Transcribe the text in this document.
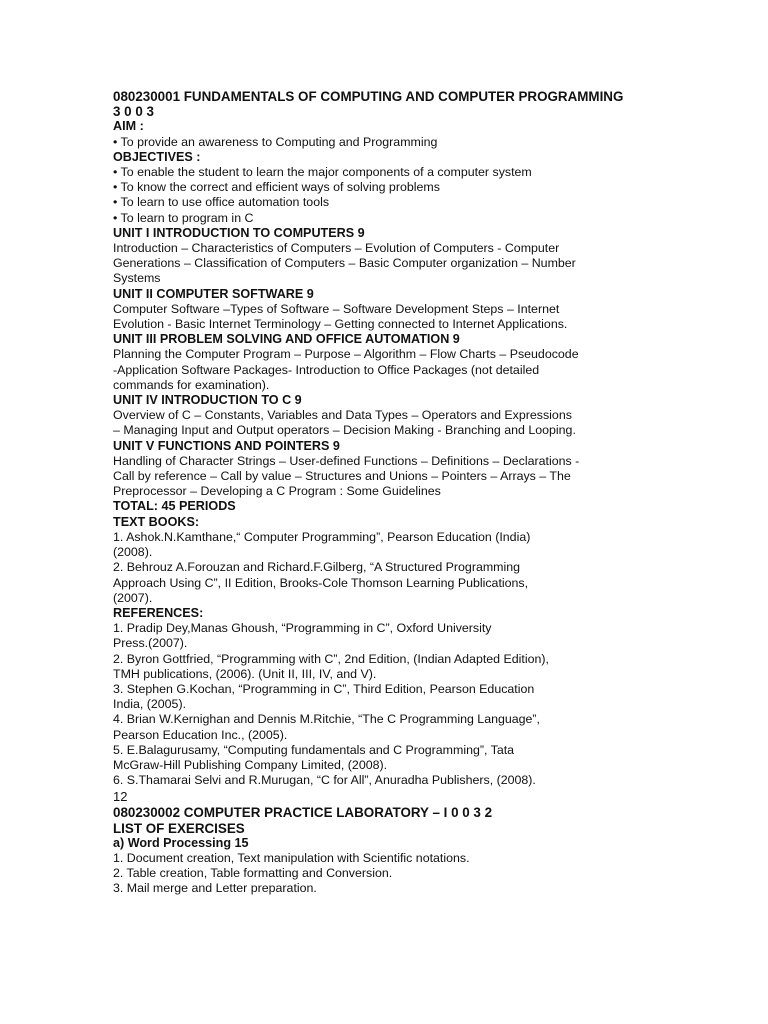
080230001 FUNDAMENTALS OF COMPUTING AND COMPUTER PROGRAMMING
3 0 0 3
AIM :
• To provide an awareness to Computing and Programming
OBJECTIVES :
• To enable the student to learn the major components of a computer system
• To know the correct and efficient ways of solving problems
• To learn to use office automation tools
• To learn to program in C
UNIT I INTRODUCTION TO COMPUTERS 9
Introduction – Characteristics of Computers – Evolution of Computers - Computer
Generations – Classification of Computers – Basic Computer organization – Number
Systems
UNIT II COMPUTER SOFTWARE 9
Computer Software –Types of Software – Software Development Steps – Internet
Evolution - Basic Internet Terminology – Getting connected to Internet Applications.
UNIT III PROBLEM SOLVING AND OFFICE AUTOMATION 9
Planning the Computer Program – Purpose – Algorithm – Flow Charts – Pseudocode
-Application Software Packages- Introduction to Office Packages (not detailed
commands for examination).
UNIT IV INTRODUCTION TO C 9
Overview of C – Constants, Variables and Data Types – Operators and Expressions
– Managing Input and Output operators – Decision Making - Branching and Looping.
UNIT V FUNCTIONS AND POINTERS 9
Handling of Character Strings – User-defined Functions – Definitions – Declarations -
Call by reference – Call by value – Structures and Unions – Pointers – Arrays – The
Preprocessor – Developing a C Program : Some Guidelines
TOTAL: 45 PERIODS
TEXT BOOKS:
1. Ashok.N.Kamthane,“ Computer Programming”, Pearson Education (India)
(2008).
2. Behrouz A.Forouzan and Richard.F.Gilberg, “A Structured Programming
Approach Using C”, II Edition, Brooks-Cole Thomson Learning Publications,
(2007).
REFERENCES:
1. Pradip Dey,Manas Ghoush, “Programming in C”, Oxford University
Press.(2007).
2. Byron Gottfried, “Programming with C”, 2nd Edition, (Indian Adapted Edition),
TMH publications, (2006). (Unit II, III, IV, and V).
3. Stephen G.Kochan, “Programming in C”, Third Edition, Pearson Education
India, (2005).
4. Brian W.Kernighan and Dennis M.Ritchie, “The C Programming Language”,
Pearson Education Inc., (2005).
5. E.Balagurusamy, “Computing fundamentals and C Programming”, Tata
McGraw-Hill Publishing Company Limited, (2008).
6. S.Thamarai Selvi and R.Murugan, “C for All”, Anuradha Publishers, (2008).
12
080230002 COMPUTER PRACTICE LABORATORY – I 0 0 3 2
LIST OF EXERCISES
a) Word Processing 15
1. Document creation, Text manipulation with Scientific notations.
2. Table creation, Table formatting and Conversion.
3. Mail merge and Letter preparation.
